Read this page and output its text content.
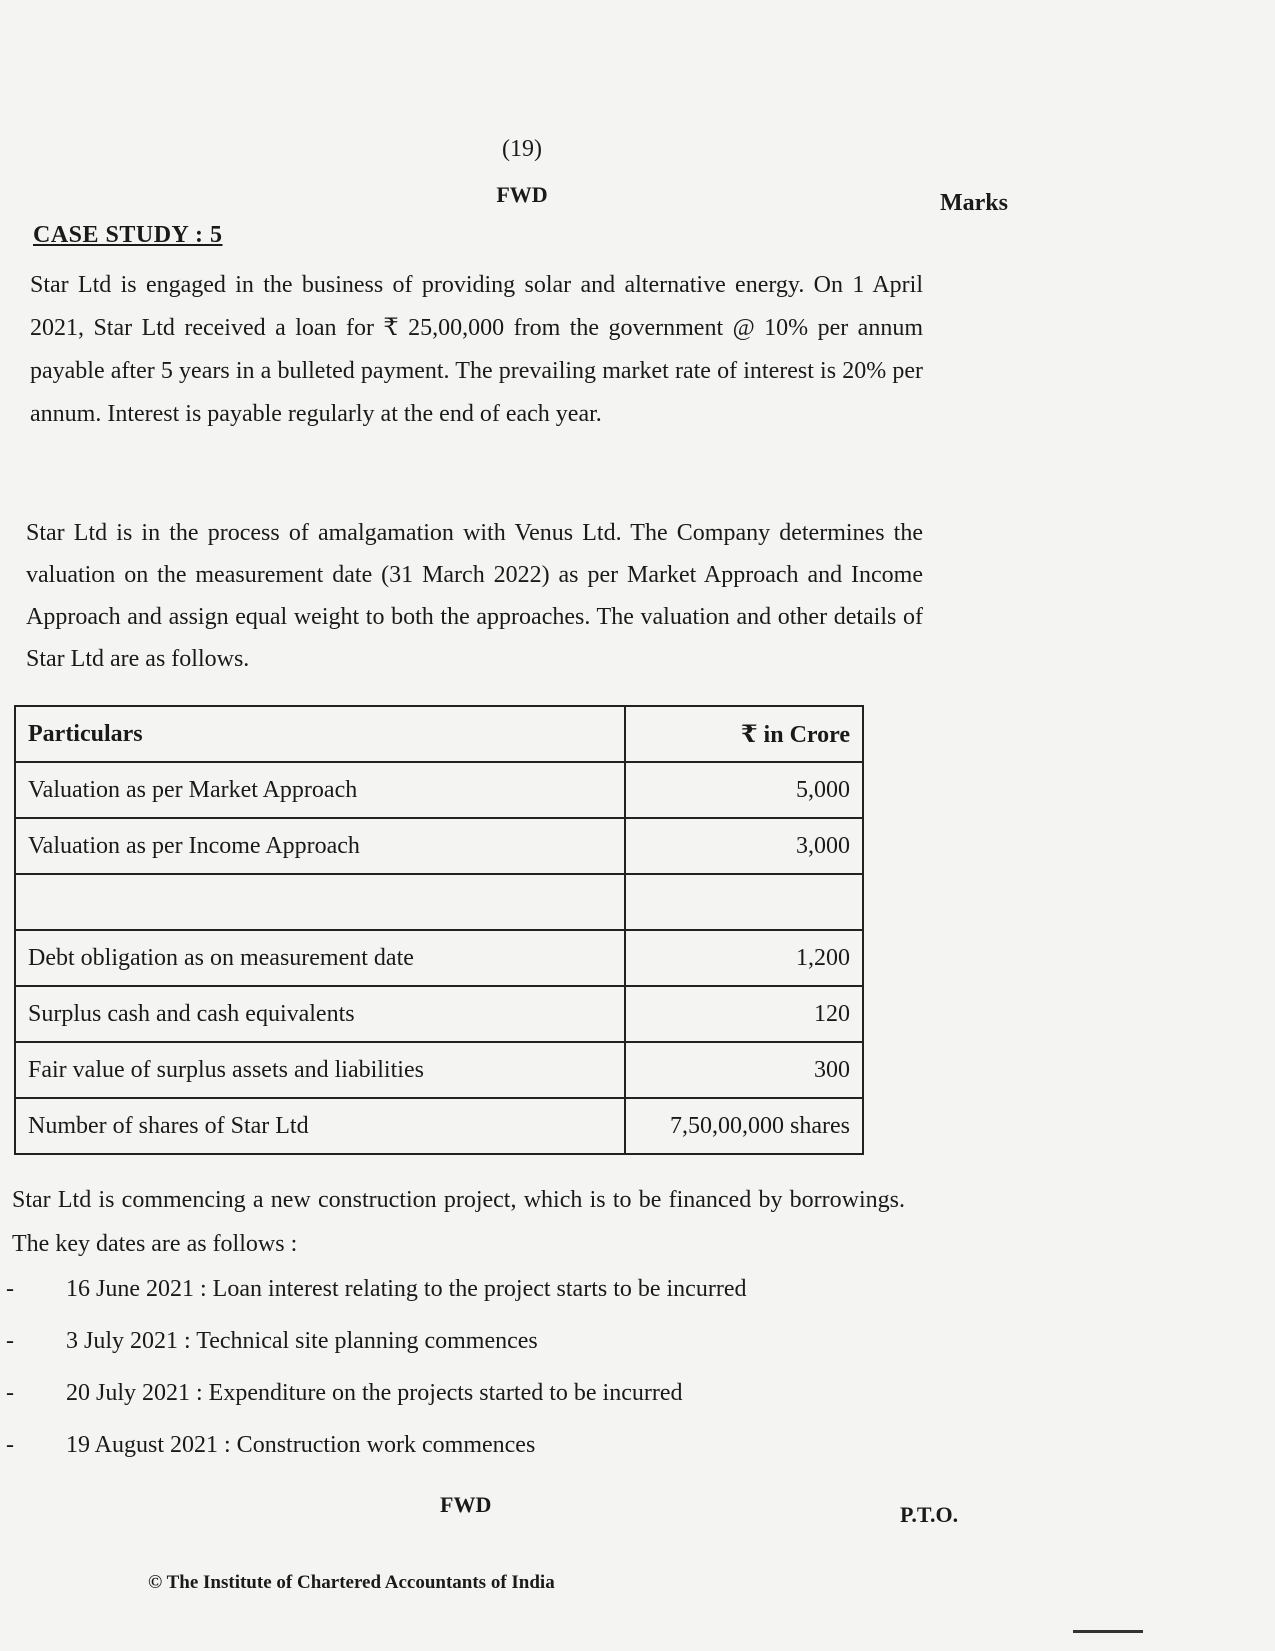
(19)
FWD	Marks
CASE STUDY : 5
Star Ltd is engaged in the business of providing solar and alternative energy. On 1 April 2021, Star Ltd received a loan for ₹ 25,00,000 from the government @ 10% per annum payable after 5 years in a bulleted payment. The prevailing market rate of interest is 20% per annum. Interest is payable regularly at the end of each year.
Star Ltd is in the process of amalgamation with Venus Ltd. The Company determines the valuation on the measurement date (31 March 2022) as per Market Approach and Income Approach and assign equal weight to both the approaches. The valuation and other details of Star Ltd are as follows.
Particulars	₹ in Crore
Valuation as per Market Approach	5,000
Valuation as per Income Approach	3,000

Debt obligation as on measurement date	1,200
Surplus cash and cash equivalents	120
Fair value of surplus assets and liabilities	300
Number of shares of Star Ltd	7,50,00,000 shares
Star Ltd is commencing a new construction project, which is to be financed by borrowings. The key dates are as follows :
- 16 June 2021 : Loan interest relating to the project starts to be incurred
- 3 July 2021 : Technical site planning commences
- 20 July 2021 : Expenditure on the projects started to be incurred
- 19 August 2021 : Construction work commences
FWD	P.T.O.
© The Institute of Chartered Accountants of India
